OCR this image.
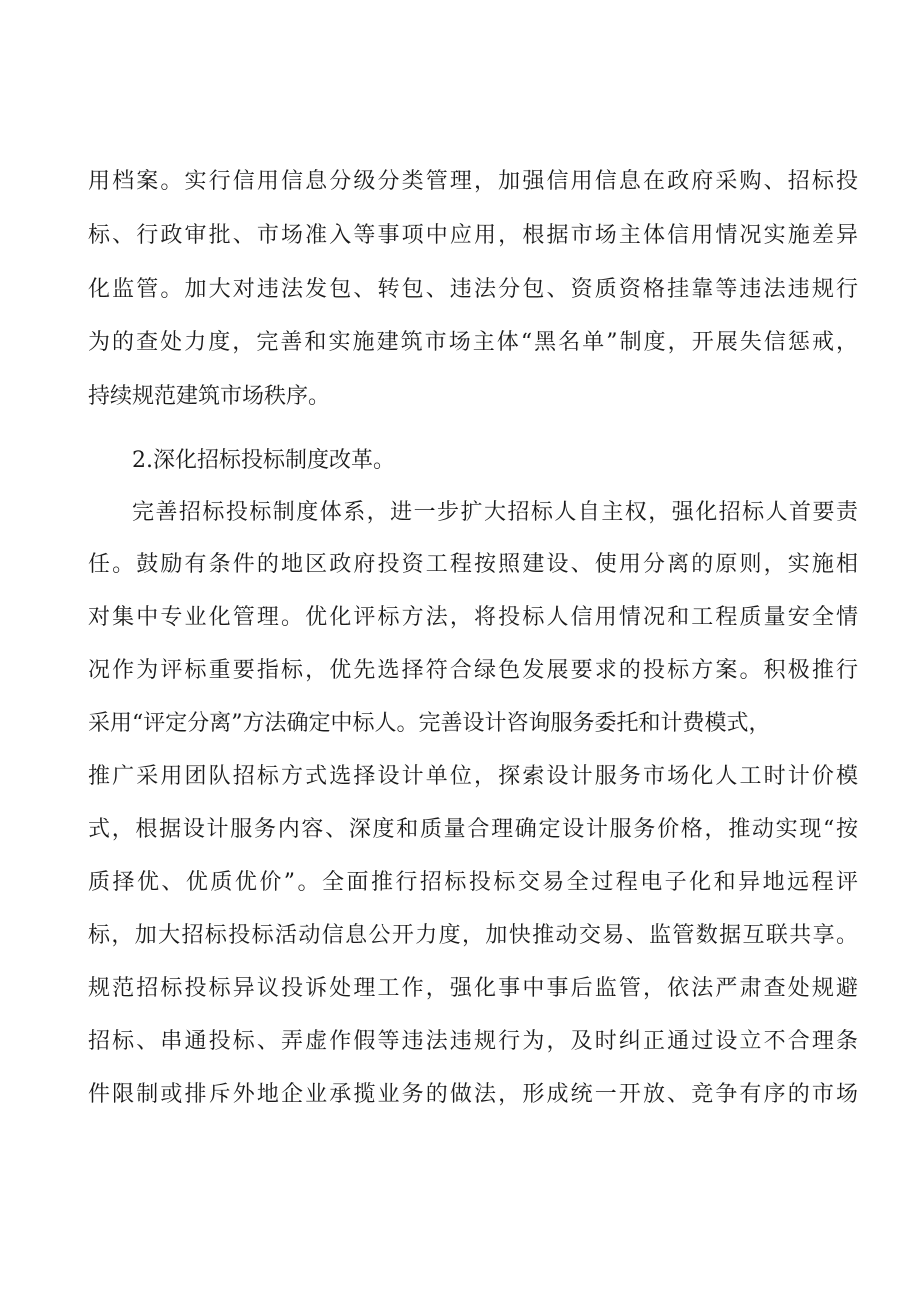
用档案。实行信用信息分级分类管理，加强信用信息在政府采购、招标投
标、行政审批、市场准入等事项中应用，根据市场主体信用情况实施差异
化监管。加大对违法发包、转包、违法分包、资质资格挂靠等违法违规行
为的查处力度，完善和实施建筑市场主体“黑名单”制度，开展失信惩戒，
持续规范建筑市场秩序。
2.深化招标投标制度改革。
完善招标投标制度体系，进一步扩大招标人自主权，强化招标人首要责
任。鼓励有条件的地区政府投资工程按照建设、使用分离的原则，实施相
对集中专业化管理。优化评标方法，将投标人信用情况和工程质量安全情
况作为评标重要指标，优先选择符合绿色发展要求的投标方案。积极推行
采用“评定分离”方法确定中标人。完善设计咨询服务委托和计费模式，
推广采用团队招标方式选择设计单位，探索设计服务市场化人工时计价模
式，根据设计服务内容、深度和质量合理确定设计服务价格，推动实现“按
质择优、优质优价”。全面推行招标投标交易全过程电子化和异地远程评
标，加大招标投标活动信息公开力度，加快推动交易、监管数据互联共享。
规范招标投标异议投诉处理工作，强化事中事后监管，依法严肃查处规避
招标、串通投标、弄虚作假等违法违规行为，及时纠正通过设立不合理条
件限制或排斥外地企业承揽业务的做法，形成统一开放、竞争有序的市场
